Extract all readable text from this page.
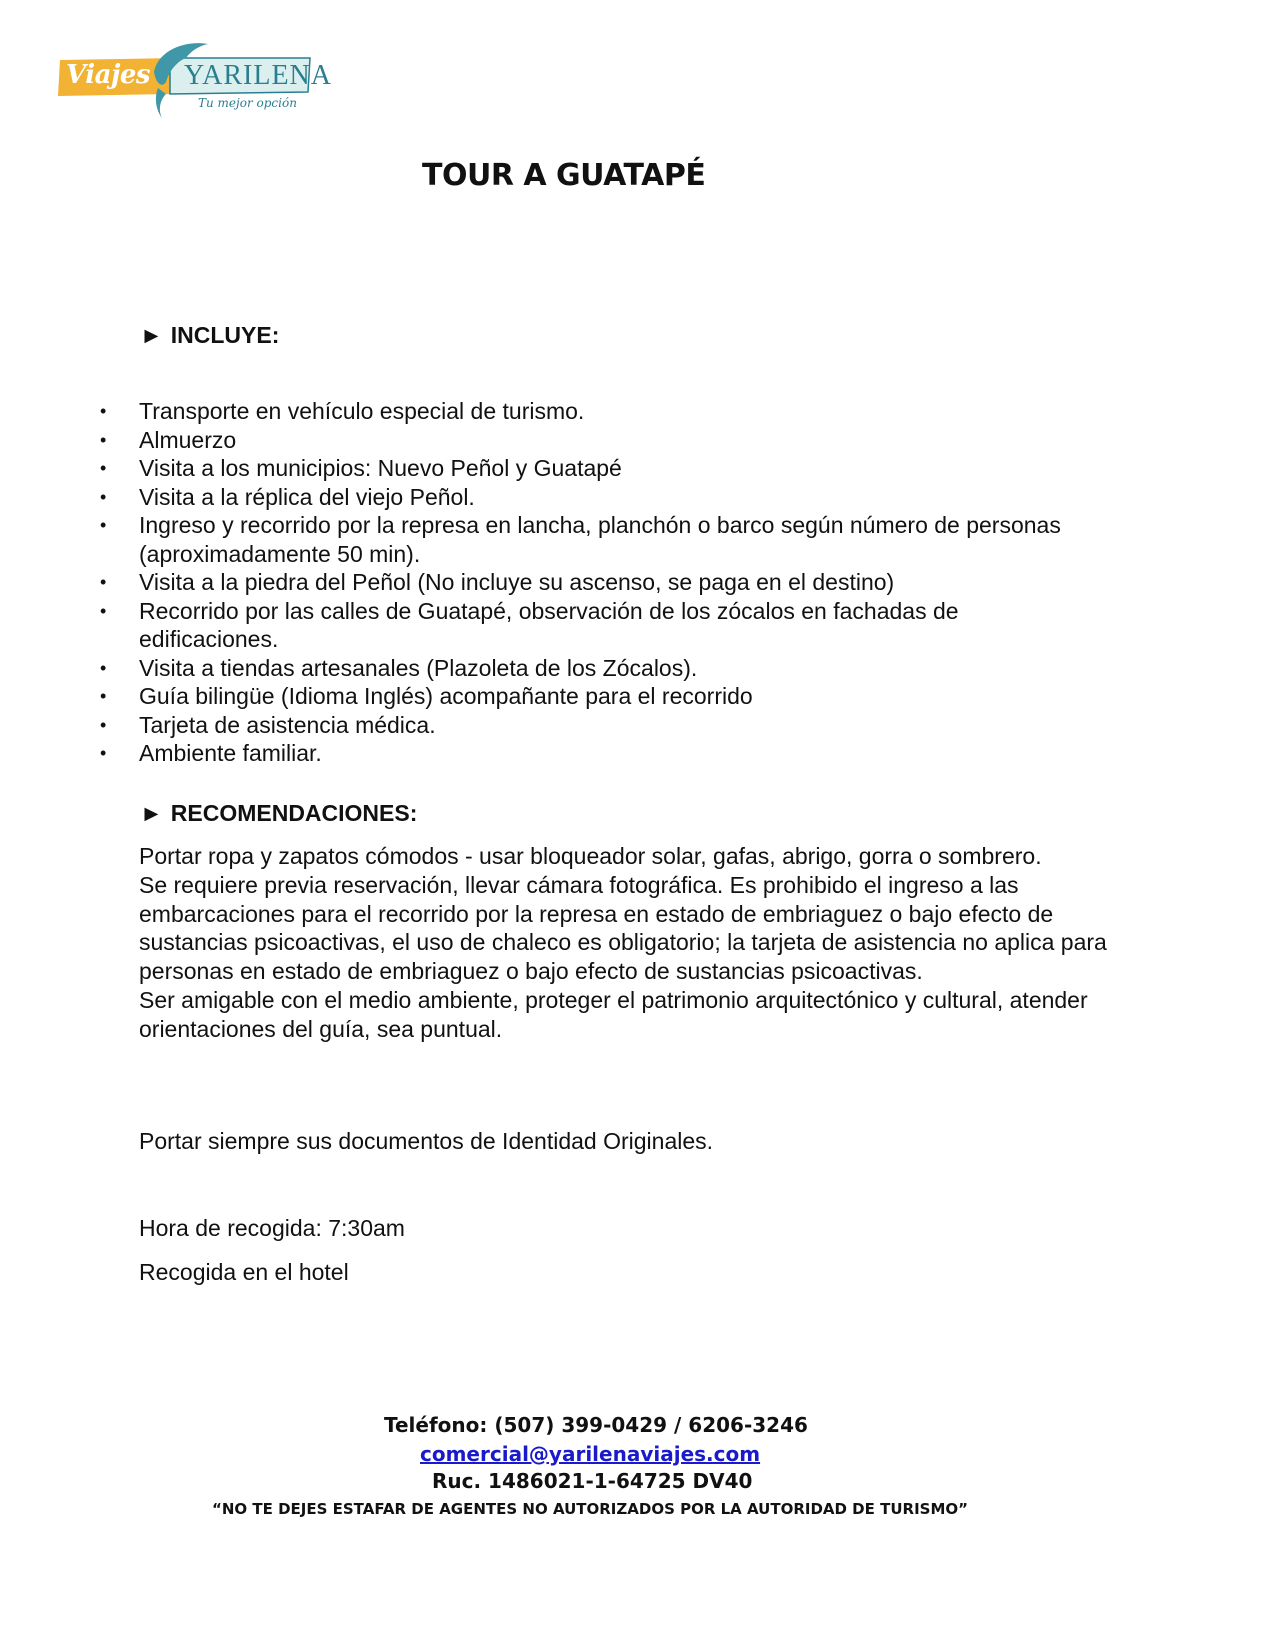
Viajes YARILENA
Tu mejor opción
TOUR A GUATAPÉ
► INCLUYE:
• Transporte en vehículo especial de turismo.
• Almuerzo
• Visita a los municipios: Nuevo Peñol y Guatapé
• Visita a la réplica del viejo Peñol.
• Ingreso y recorrido por la represa en lancha, planchón o barco según número de personas (aproximadamente 50 min).
• Visita a la piedra del Peñol (No incluye su ascenso, se paga en el destino)
• Recorrido por las calles de Guatapé, observación de los zócalos en fachadas de edificaciones.
• Visita a tiendas artesanales (Plazoleta de los Zócalos).
• Guía bilingüe (Idioma Inglés) acompañante para el recorrido
• Tarjeta de asistencia médica.
• Ambiente familiar.
► RECOMENDACIONES:

Portar ropa y zapatos cómodos - usar bloqueador solar, gafas, abrigo, gorra o sombrero.

Se requiere previa reservación, llevar cámara fotográfica. Es prohibido el ingreso a las embarcaciones para el recorrido por la represa en estado de embriaguez o bajo efecto de sustancias psicoactivas, el uso de chaleco es obligatorio; la tarjeta de asistencia no aplica para personas en estado de embriaguez o bajo efecto de sustancias psicoactivas.

Ser amigable con el medio ambiente, proteger el patrimonio arquitectónico y cultural, atender orientaciones del guía, sea puntual.

Portar siempre sus documentos de Identidad Originales.
Hora de recogida: 7:30am
Recogida en el hotel
Teléfono: (507) 399-0429 / 6206-3246
comercial@yarilenaviajes.com
Ruc. 1486021-1-64725 DV40
“NO TE DEJES ESTAFAR DE AGENTES NO AUTORIZADOS POR LA AUTORIDAD DE TURISMO”
